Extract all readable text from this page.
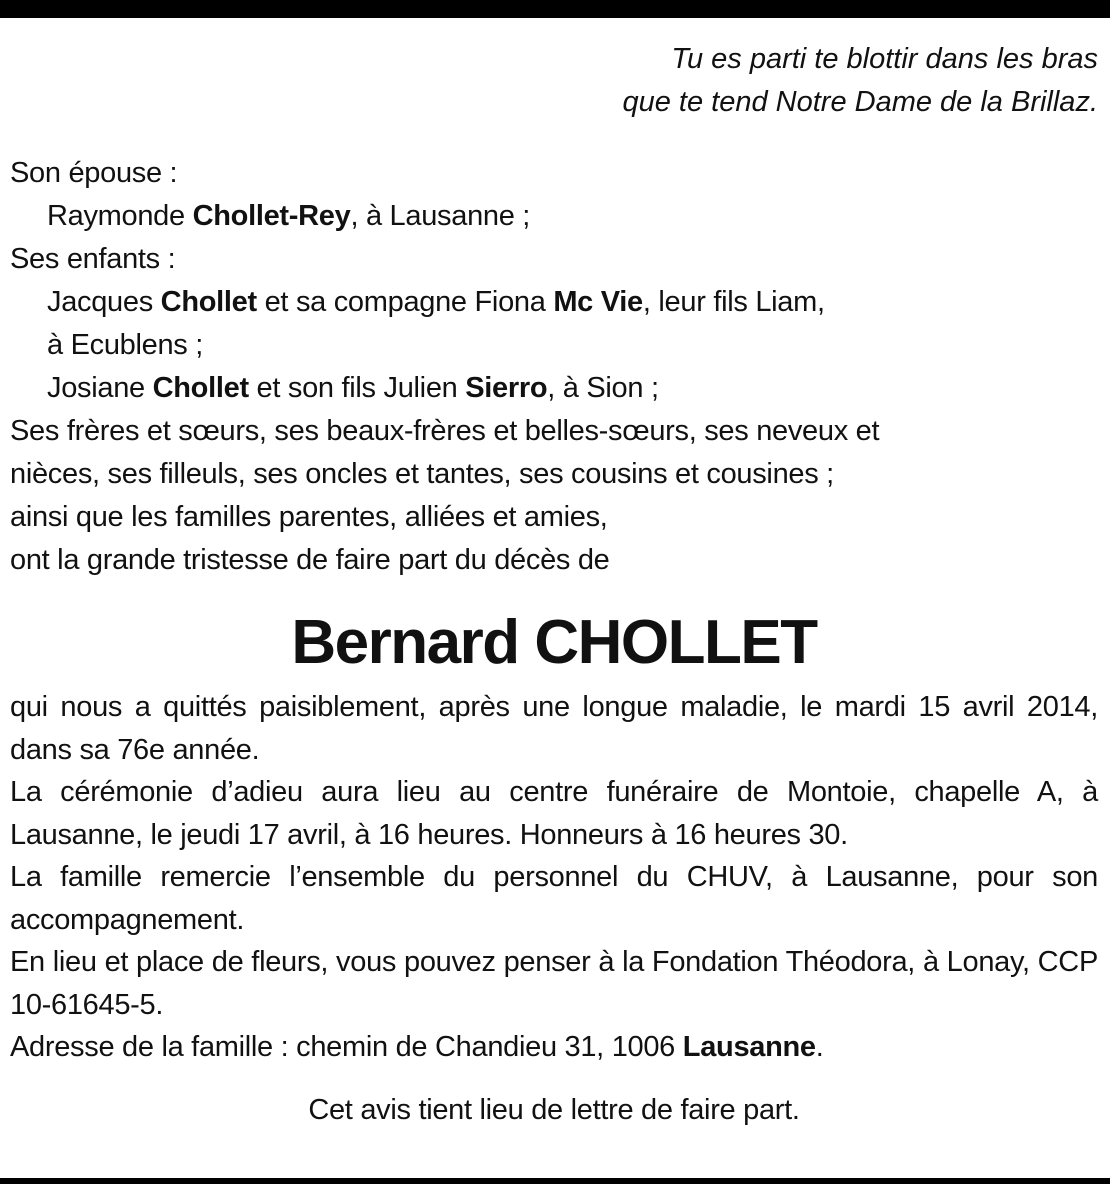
Tu es parti te blottir dans les bras
que te tend Notre Dame de la Brillaz.
Son épouse :
Raymonde Chollet-Rey, à Lausanne ;
Ses enfants :
Jacques Chollet et sa compagne Fiona Mc Vie, leur fils Liam,
à Ecublens ;
Josiane Chollet et son fils Julien Sierro, à Sion ;
Ses frères et sœurs, ses beaux-frères et belles-sœurs, ses neveux et
nièces, ses filleuls, ses oncles et tantes, ses cousins et cousines ;
ainsi que les familles parentes, alliées et amies,
ont la grande tristesse de faire part du décès de
Bernard CHOLLET
qui nous a quittés paisiblement, après une longue maladie, le mardi 15 avril 2014, dans sa 76e année.
La cérémonie d’adieu aura lieu au centre funéraire de Montoie, chapelle A, à Lausanne, le jeudi 17 avril, à 16 heures. Honneurs à 16 heures 30.
La famille remercie l’ensemble du personnel du CHUV, à Lausanne, pour son accompagnement.
En lieu et place de fleurs, vous pouvez penser à la Fondation Théodora, à Lonay, CCP 10-61645-5.
Adresse de la famille : chemin de Chandieu 31, 1006 Lausanne.
Cet avis tient lieu de lettre de faire part.
